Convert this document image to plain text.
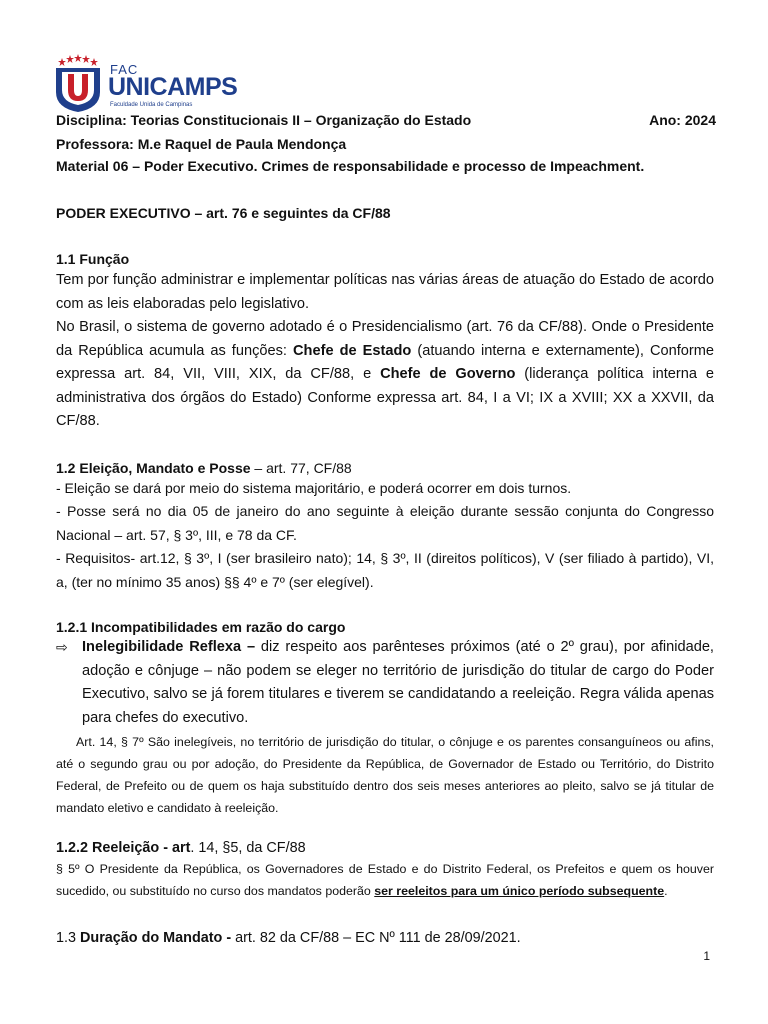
FAC
UNICAMPS
Faculdade Unida de Campinas
Disciplina: Teorias Constitucionais II – Organização do Estado	Ano: 2024
Professora: M.e Raquel de Paula Mendonça
Material 06 – Poder Executivo. Crimes de responsabilidade e processo de Impeachment.
PODER EXECUTIVO – art. 76 e seguintes da CF/88
1.1 Função
Tem por função administrar e implementar políticas nas várias áreas de atuação do Estado de acordo com as leis elaboradas pelo legislativo.
No Brasil, o sistema de governo adotado é o Presidencialismo (art. 76 da CF/88). Onde o Presidente da República acumula as funções: Chefe de Estado (atuando interna e externamente), Conforme expressa art. 84, VII, VIII, XIX, da CF/88, e Chefe de Governo (liderança política interna e administrativa dos órgãos do Estado) Conforme expressa art. 84, I a VI; IX a XVIII; XX a XXVII, da CF/88.
1.2 Eleição, Mandato e Posse – art. 77, CF/88
- Eleição se dará por meio do sistema majoritário, e poderá ocorrer em dois turnos.
- Posse será no dia 05 de janeiro do ano seguinte à eleição durante sessão conjunta do Congresso Nacional – art. 57, § 3º, III, e 78 da CF.
- Requisitos- art.12, § 3º, I (ser brasileiro nato); 14, § 3º, II (direitos políticos), V (ser filiado à partido), VI, a, (ter no mínimo 35 anos) §§ 4º e 7º (ser elegível).
1.2.1 Incompatibilidades em razão do cargo
⇨ Inelegibilidade Reflexa – diz respeito aos parênteses próximos (até o 2º grau), por afinidade, adoção e cônjuge – não podem se eleger no território de jurisdição do titular de cargo do Poder Executivo, salvo se já forem titulares e tiverem se candidatando a reeleição. Regra válida apenas para chefes do executivo.
Art. 14, § 7º São inelegíveis, no território de jurisdição do titular, o cônjuge e os parentes consanguíneos ou afins, até o segundo grau ou por adoção, do Presidente da República, de Governador de Estado ou Território, do Distrito Federal, de Prefeito ou de quem os haja substituído dentro dos seis meses anteriores ao pleito, salvo se já titular de mandato eletivo e candidato à reeleição.
1.2.2 Reeleição - art. 14, §5, da CF/88
§ 5º O Presidente da República, os Governadores de Estado e do Distrito Federal, os Prefeitos e quem os houver sucedido, ou substituído no curso dos mandatos poderão ser reeleitos para um único período subsequente.
1.3 Duração do Mandato - art. 82 da CF/88 – EC Nº 111 de 28/09/2021.
1
